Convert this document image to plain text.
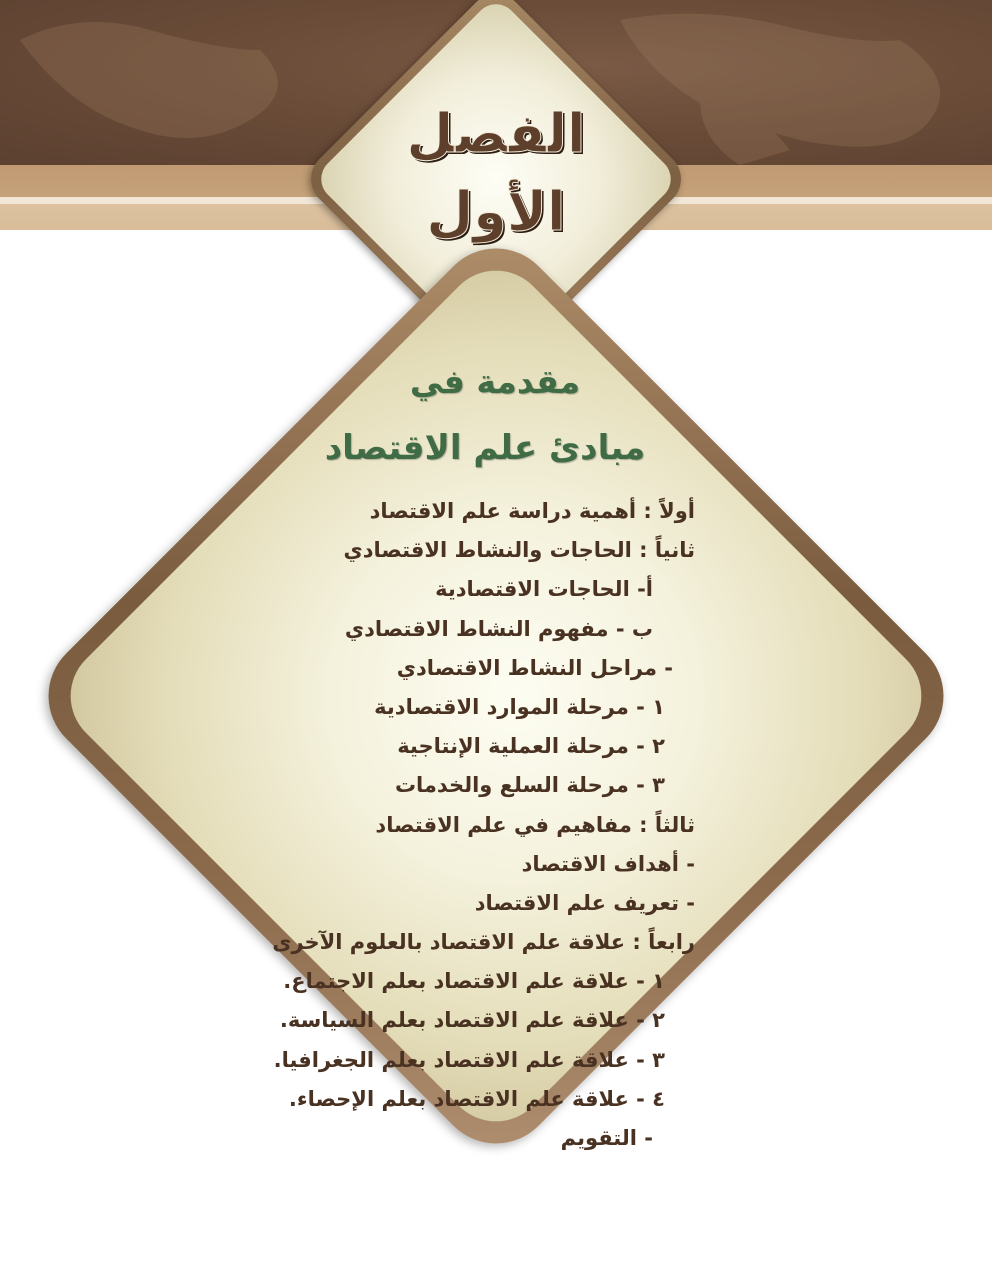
الفصل
الأول
مقدمة في
مبادئ علم الاقتصاد
أولاً : أهمية دراسة علم الاقتصاد
ثانياً : الحاجات والنشاط الاقتصادي
أ- الحاجات الاقتصادية
ب - مفهوم النشاط الاقتصادي
- مراحل النشاط الاقتصادي
١ - مرحلة الموارد الاقتصادية
٢ - مرحلة العملية الإنتاجية
٣ - مرحلة السلع والخدمات
ثالثاً : مفاهيم في علم الاقتصاد
- أهداف الاقتصاد
- تعريف علم الاقتصاد
رابعاً : علاقة علم الاقتصاد بالعلوم الآخرى
١ - علاقة علم الاقتصاد بعلم الاجتماع.
٢ - علاقة علم الاقتصاد بعلم السياسة.
٣ - علاقة علم الاقتصاد بعلم الجغرافيا.
٤ - علاقة علم الاقتصاد بعلم الإحصاء.
- التقويم
